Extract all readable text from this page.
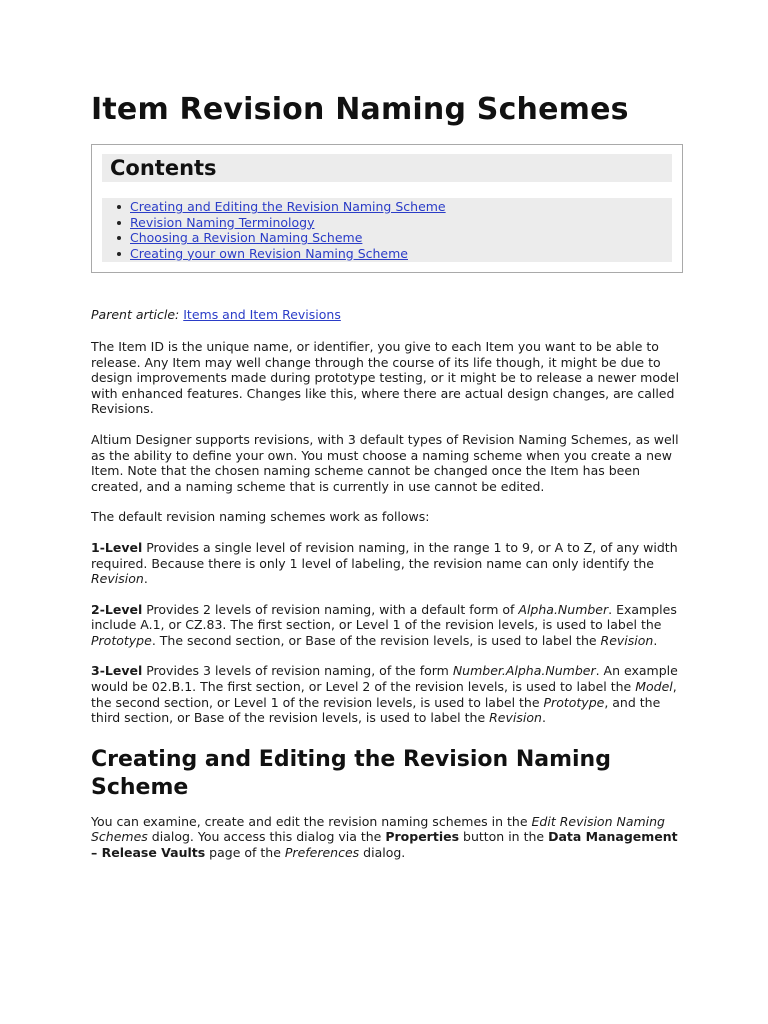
Item Revision Naming Schemes
Contents
Creating and Editing the Revision Naming Scheme
Revision Naming Terminology
Choosing a Revision Naming Scheme
Creating your own Revision Naming Scheme

Parent article: Items and Item Revisions

The Item ID is the unique name, or identifier, you give to each Item you want to be able to release. Any Item may well change through the course of its life though, it might be due to design improvements made during prototype testing, or it might be to release a newer model with enhanced features. Changes like this, where there are actual design changes, are called Revisions.

Altium Designer supports revisions, with 3 default types of Revision Naming Schemes, as well as the ability to define your own. You must choose a naming scheme when you create a new Item. Note that the chosen naming scheme cannot be changed once the Item has been created, and a naming scheme that is currently in use cannot be edited.

The default revision naming schemes work as follows:

1-Level Provides a single level of revision naming, in the range 1 to 9, or A to Z, of any width required. Because there is only 1 level of labeling, the revision name can only identify the Revision.

2-Level Provides 2 levels of revision naming, with a default form of Alpha.Number. Examples include A.1, or CZ.83. The first section, or Level 1 of the revision levels, is used to label the Prototype. The second section, or Base of the revision levels, is used to label the Revision.

3-Level Provides 3 levels of revision naming, of the form Number.Alpha.Number. An example would be 02.B.1. The first section, or Level 2 of the revision levels, is used to label the Model, the second section, or Level 1 of the revision levels, is used to label the Prototype, and the third section, or Base of the revision levels, is used to label the Revision.

Creating and Editing the Revision Naming Scheme

You can examine, create and edit the revision naming schemes in the Edit Revision Naming Schemes dialog. You access this dialog via the Properties button in the Data Management – Release Vaults page of the Preferences dialog.
